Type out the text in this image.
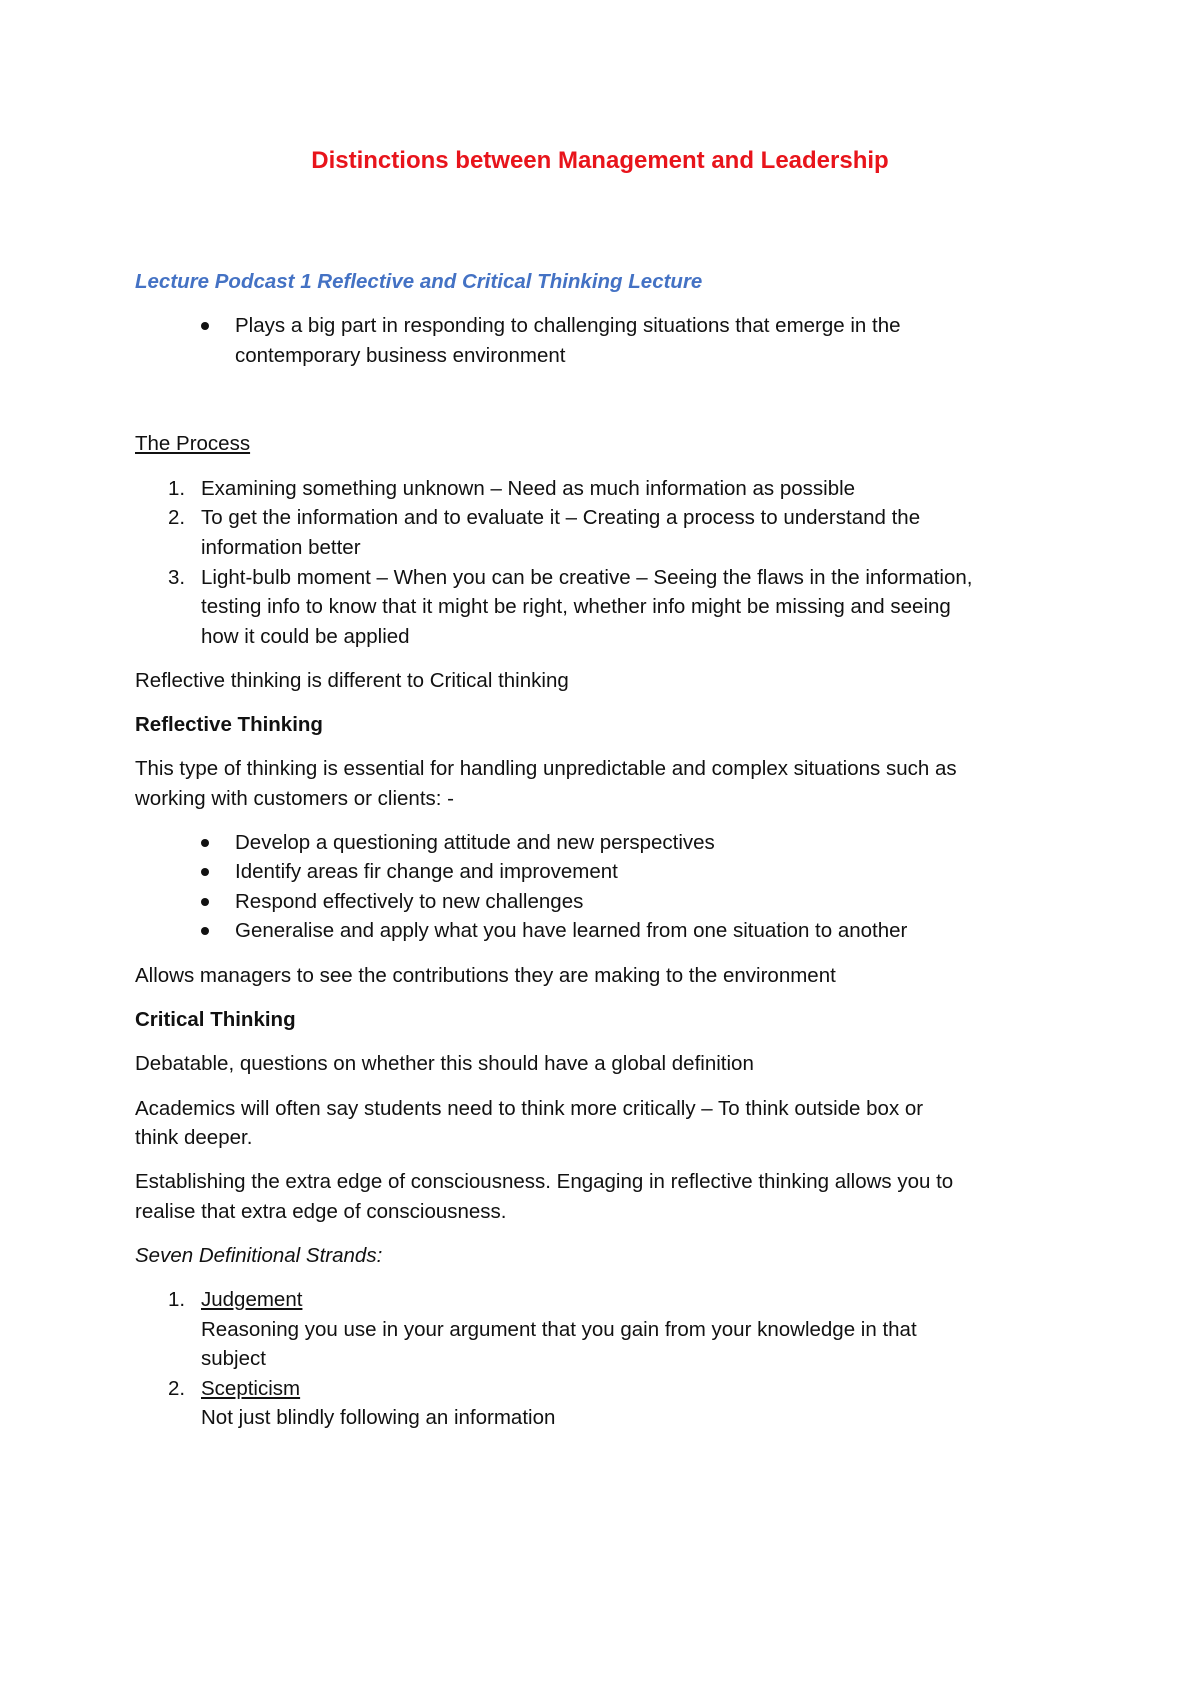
Distinctions between Management and Leadership
Lecture Podcast 1 Reflective and Critical Thinking Lecture
Plays a big part in responding to challenging situations that emerge in the
contemporary business environment
The Process
1. Examining something unknown – Need as much information as possible
2. To get the information and to evaluate it – Creating a process to understand the
information better
3. Light-bulb moment – When you can be creative – Seeing the flaws in the information,
testing info to know that it might be right, whether info might be missing and seeing
how it could be applied
Reflective thinking is different to Critical thinking
Reflective Thinking
This type of thinking is essential for handling unpredictable and complex situations such as
working with customers or clients: -
Develop a questioning attitude and new perspectives
Identify areas fir change and improvement
Respond effectively to new challenges
Generalise and apply what you have learned from one situation to another
Allows managers to see the contributions they are making to the environment
Critical Thinking
Debatable, questions on whether this should have a global definition
Academics will often say students need to think more critically – To think outside box or
think deeper.
Establishing the extra edge of consciousness. Engaging in reflective thinking allows you to
realise that extra edge of consciousness.
Seven Definitional Strands:
1. Judgement
Reasoning you use in your argument that you gain from your knowledge in that
subject
2. Scepticism
Not just blindly following an information
